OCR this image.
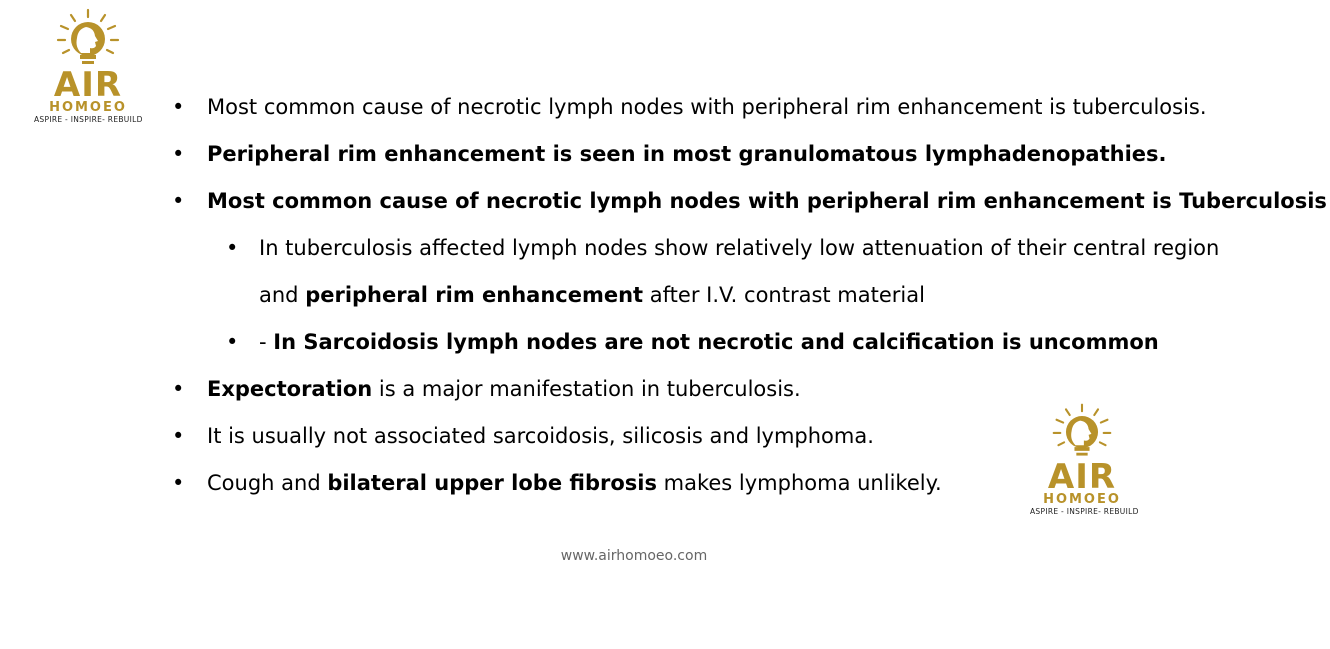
AIR
HOMOEO
ASPIRE - INSPIRE- REBUILD
• Most common cause of necrotic lymph nodes with peripheral rim enhancement is tuberculosis.
• Peripheral rim enhancement is seen in most granulomatous lymphadenopathies.
• Most common cause of necrotic lymph nodes with peripheral rim enhancement is Tuberculosis
• In tuberculosis affected lymph nodes show relatively low attenuation of their central region
and peripheral rim enhancement after I.V. contrast material
• - In Sarcoidosis lymph nodes are not necrotic and calcification is uncommon
• Expectoration is a major manifestation in tuberculosis.
• It is usually not associated sarcoidosis, silicosis and lymphoma.
• Cough and bilateral upper lobe fibrosis makes lymphoma unlikely.	AIR
HOMOEO
ASPIRE - INSPIRE- REBUILD
www.airhomoeo.com
